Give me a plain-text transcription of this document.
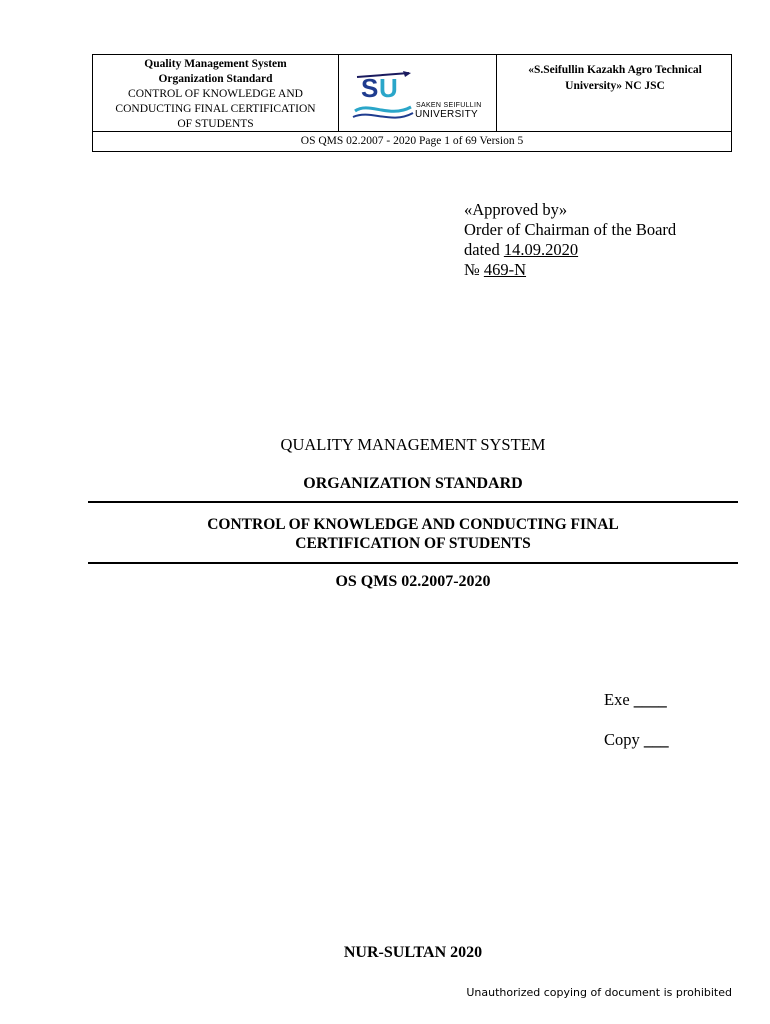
Quality Management System
Organization Standard
CONTROL OF KNOWLEDGE AND
CONDUCTING FINAL CERTIFICATION
OF STUDENTS
S U
SAKEN SEIFULLIN
UNIVERSITY
«S.Seifullin Kazakh Agro Technical
University» NC JSC
OS QMS 02.2007 - 2020 Page 1 of 69 Version 5
«Approved by»
Order of Chairman of the Board
dated 14.09.2020
№ 469-N
QUALITY MANAGEMENT SYSTEM
ORGANIZATION STANDARD
CONTROL OF KNOWLEDGE AND CONDUCTING FINAL
CERTIFICATION OF STUDENTS
OS QMS 02.2007-2020
Exe ____
Copy ___
NUR-SULTAN 2020
Unauthorized copying of document is prohibited
